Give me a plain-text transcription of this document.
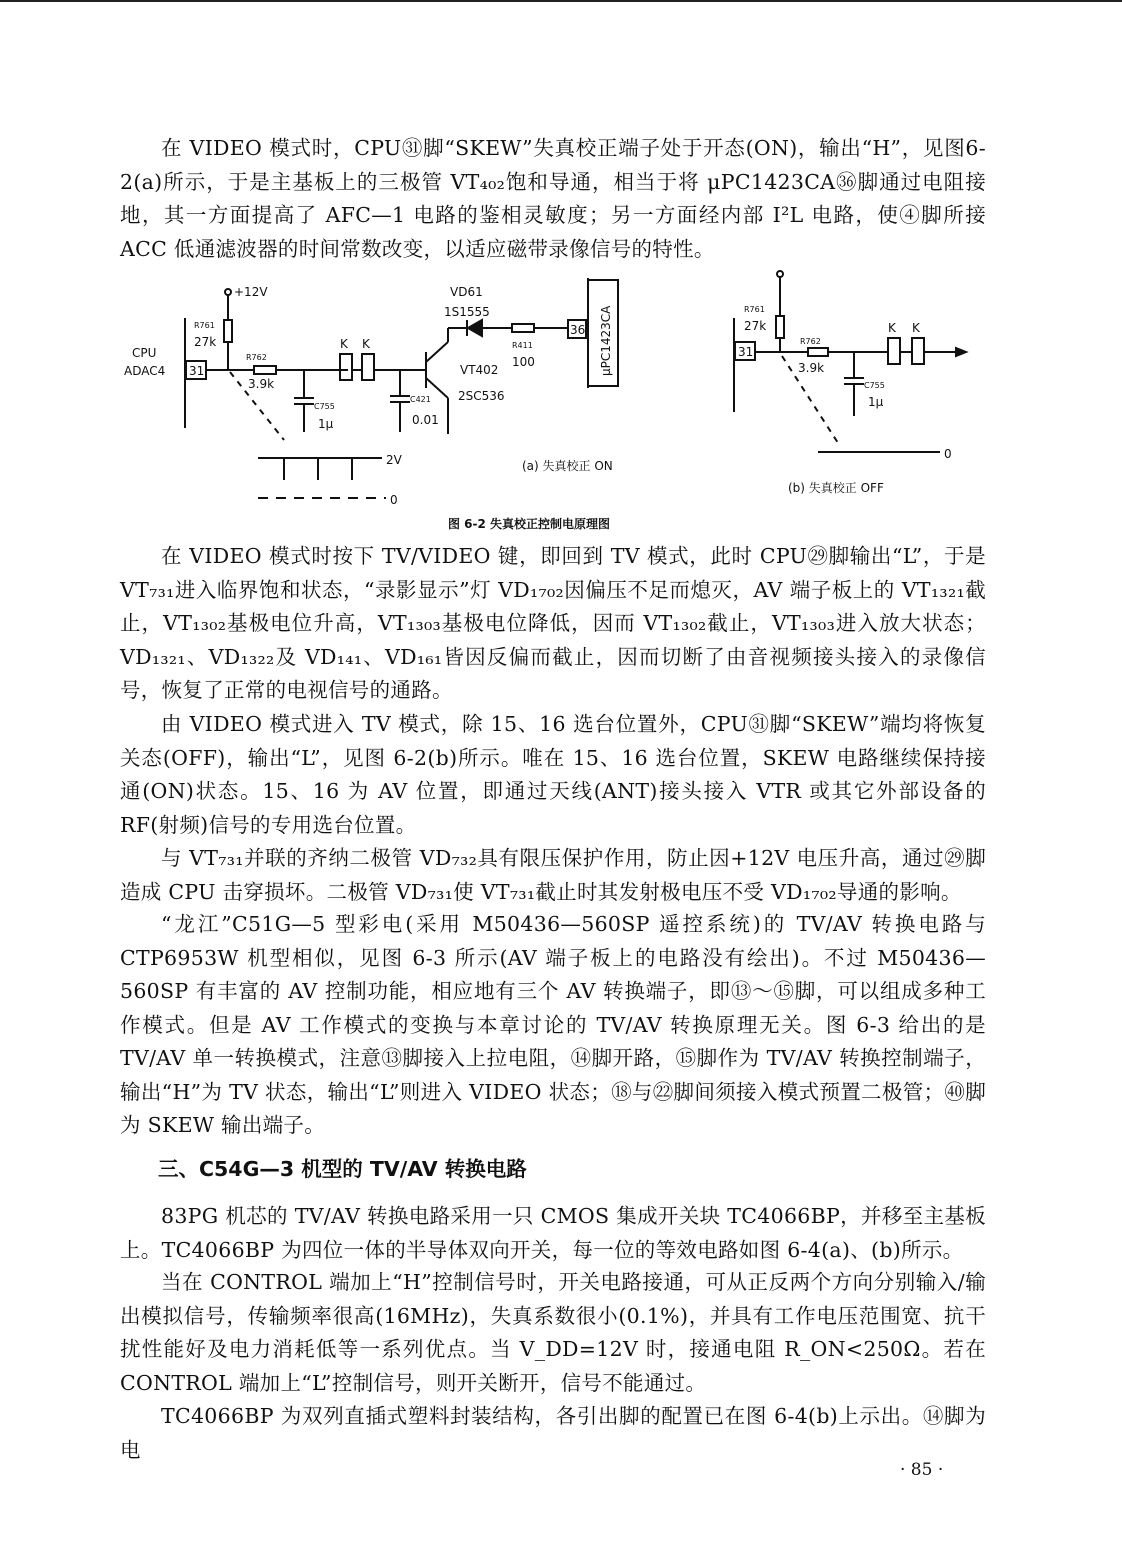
在 VIDEO 模式时，CPU㉛脚“SKEW”失真校正端子处于开态(ON)，输出“H”，见图6-2(a)所示，于是主基板上的三极管 VT₄₀₂饱和导通，相当于将 μPC1423CA㊱脚通过电阻接地，其一方面提高了 AFC—1 电路的鉴相灵敏度；另一方面经内部 I²L 电路，使④脚所接 ACC 低通滤波器的时间常数改变，以适应磁带录像信号的特性。

+12V
CPU
ADAC4 31
R761
27k
R762
3.9k
C755
1μ
C421
0.01
K K
VD61
1S1555
R411
100
VT402
2SC536
36 μPC1423CA
2V
0
(a) 失真校正 ON
R761
27k
31
R762
3.9k
C755
1μ
K K
0
(b) 失真校正 OFF
图 6-2 失真校正控制电原理图

在 VIDEO 模式时按下 TV/VIDEO 键，即回到 TV 模式，此时 CPU㉙脚输出“L”，于是 VT₇₃₁进入临界饱和状态，“录影显示”灯 VD₁₇₀₂因偏压不足而熄灭，AV 端子板上的 VT₁₃₂₁截止，VT₁₃₀₂基极电位升高，VT₁₃₀₃基极电位降低，因而 VT₁₃₀₂截止，VT₁₃₀₃进入放大状态；VD₁₃₂₁、VD₁₃₂₂及 VD₁₄₁、VD₁₆₁皆因反偏而截止，因而切断了由音视频接头接入的录像信号，恢复了正常的电视信号的通路。

由 VIDEO 模式进入 TV 模式，除 15、16 选台位置外，CPU㉛脚“SKEW”端均将恢复关态(OFF)，输出“L”，见图 6-2(b)所示。唯在 15、16 选台位置，SKEW 电路继续保持接通(ON)状态。15、16 为 AV 位置，即通过天线(ANT)接头接入 VTR 或其它外部设备的 RF(射频)信号的专用选台位置。

与 VT₇₃₁并联的齐纳二极管 VD₇₃₂具有限压保护作用，防止因+12V 电压升高，通过㉙脚造成 CPU 击穿损坏。二极管 VD₇₃₁使 VT₇₃₁截止时其发射极电压不受 VD₁₇₀₂导通的影响。

“龙江”C51G—5 型彩电(采用 M50436—560SP 遥控系统)的 TV/AV 转换电路与CTP6953W 机型相似，见图 6-3 所示(AV 端子板上的电路没有绘出)。不过 M50436—560SP 有丰富的 AV 控制功能，相应地有三个 AV 转换端子，即⑬～⑮脚，可以组成多种工作模式。但是 AV 工作模式的变换与本章讨论的 TV/AV 转换原理无关。图 6-3 给出的是 TV/AV 单一转换模式，注意⑬脚接入上拉电阻，⑭脚开路，⑮脚作为 TV/AV 转换控制端子，输出“H”为 TV 状态，输出“L”则进入 VIDEO 状态；⑱与㉒脚间须接入模式预置二极管；㊵脚为 SKEW 输出端子。

三、C54G—3 机型的 TV/AV 转换电路

83PG 机芯的 TV/AV 转换电路采用一只 CMOS 集成开关块 TC4066BP，并移至主基板上。TC4066BP 为四位一体的半导体双向开关，每一位的等效电路如图 6-4(a)、(b)所示。

当在 CONTROL 端加上“H”控制信号时，开关电路接通，可从正反两个方向分别输入/输出模拟信号，传输频率很高(16MHz)，失真系数很小(0.1%)，并具有工作电压范围宽、抗干扰性能好及电力消耗低等一系列优点。当 V_DD=12V 时，接通电阻 R_ON<250Ω。若在 CONTROL 端加上“L”控制信号，则开关断开，信号不能通过。

TC4066BP 为双列直插式塑料封装结构，各引出脚的配置已在图 6-4(b)上示出。⑭脚为电

· 85 ·
